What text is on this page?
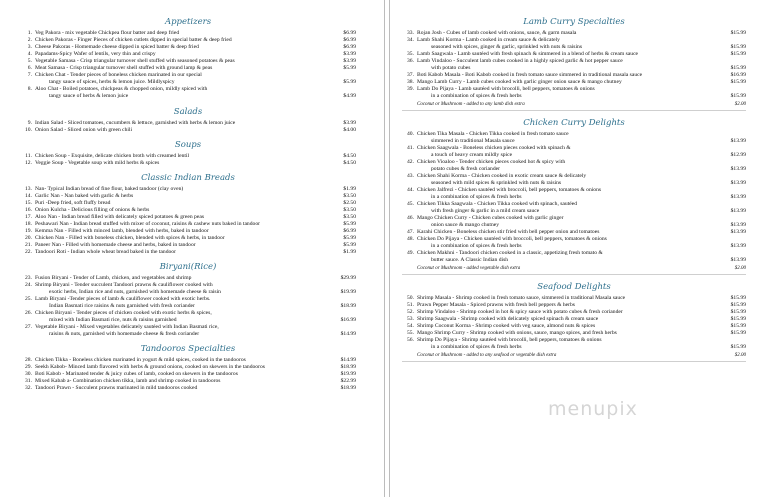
Appetizers
1. Veg Pakora - mix vegetable Chickpea flour batter and deep fried	$6.99
2. Chicken Pakoras - Finger Pieces of chicken cutlets dipped in special batter & deep fried	$6.99
3. Cheese Pakoras - Homemade cheese dipped in spiced batter & deep fried	$6.99
4. Papadams-Spicy Wafer of lentils, very thin and crispy	$3.99
5. Vegetable Samasa - Crisp triangular turnover shell stuffed with seasoned potatoes & peas	$3.99
6. Meat Samasa - Crisp triangular turnover shell stuffed with ground lamp & peas	$5.99
7. Chicken Chat - Tender pieces of boneless chicken marinated in our special
tangy sauce of spices, herbs & lemon juice. Mildlyspicy	$5.99
8. Aloo Chat - Boiled potatoes, chickpeas & chopped onion, mildly spiced with
tangy sauce of herbs & lemon juice	$4.99
Salads
9. Indian Salad - Sliced tomatoes, cucumbers & lettuce, garnished with herbs & lemon juice	$3.99
10. Onion Salad - Sliced onion with green chili	$4.00
Soups
11. Chicken Soup - Exquisite, delicate chicken broth with creamed lentil	$4.50
12. Veggie Soup - Vegetable soup with mild herbs & spices	$4.50
Classic Indian Breads
13. Nan- Typical Indian bread of fine flour, baked tandoor (clay oven)	$1.99
14. Garlic Nan - Nan baked with garlic & herbs	$3.50
15. Puri -Deep fried, soft fluffy bread	$2.50
16. Onion Kulcha - Delicious filling of onions & herbs	$3.50
17. Aloo Nan - Indian bread filled with delicately spiced potatoes & green peas	$3.50
18. Peshawari Nan - Indian bread stuffed with mixer of coconut, raisins & cashew nuts baked in tandoor	$5.99
19. Kemma Nan - Filled with minced lamb, blended with herbs, baked in tandoor	$6.99
20. Chicken Nan - Filled with boneless chicken, blended with spices & herbs, in tandoor	$5.99
21. Paneer Nan - Filled with homemade cheese and herbs, baked in tandoor	$5.99
22. Tandoori Roti - Indian whole wheat bread baked in the tandoor	$1.99
Biryani(Rice)
23. Fusion Biryani - Tender of Lamb, chicken, and vegetables and shrimp	$29.99
24. Shrimp Biryani - Tender succulent Tandoori prawns & cauliflower cooked with
exotic herbs, Indian rice and nuts, garnished with homemade cheese & raisin	$19.99
25. Lamb Biryani -Tender pieces of lamb & cauliflower cooked with exotic herbs.
Indian Basmati rice raisins & nuts garnished with fresh coriander	$18.99
26. Chicken Biryani - Tender pieces of chicken cooked with exotic herbs & spices,
mixed with Indian Basmati rice, nuts & raisins garnished	$16.99
27. Vegetable Biryani - Mixed vegetables delicately sautéed with Indian Basmati rice,
raisins & nuts, garnished with homemade cheese & fresh coriander	$14.99
Tandooros Specialties
28. Chicken Tikka - Boneless chicken marinated in yogurt & mild spices, cooked in the tandooros	$14.99
29. Seekh Kabob- Minced lamb flavored with herbs & ground onions, cooked on skewers in the tandooros	$18.99
30. Boti Kabob - Marinated tender & juicy cubes of lamb, cooked on skewers in the tandooros	$19.99
31. Mixed Kabab a- Combination chicken tikka, lamb and shrimp cooked in tandooros	$22.99
32. Tandoori Prawn - Succulent prawns marinated in mild tandooros cooked	$18.99
Lamb Curry Specialties
33. Rojan Josh - Cubes of lamb cooked with onions, sauce, & garm masala	$15.99
34. Lamb Shahi Korma - Lamb cooked in cream sauce & delicately
seasoned with spices, ginger & garlic, sprinkled with nuts & raisins	$15.99
35. Lamb Saagwala - Lamb sautéed with fresh spinach & simmered in a blend of herbs & cream sauce	$15.99
36. Lamb Vindaloo - Succulent lamb cubes cooked in a highly spiced garlic & hot pepper sauce
with potato cubes	$15.99
37. Boti Kabob Masala - Boti Kabob cooked in fresh tomato sauce simmered in traditional masala sauce	$16.99
38. Mango Lamb Curry - Lamb cubes cooked with garlic ginger onion sauce & mango chutney	$15.99
39. Lamb Do Pijaya - Lamb sautéed with brocolli, bell peppers, tomatoes & onions
in a combination of spices & fresh herbs	$15.99
Coconut or Mushroom - added to any lamb dish extra	$2.00
Chicken Curry Delights
40. Chicken Tika Masala - Chicken Tikka cooked in fresh tomato sauce
simmered in traditional Masala sauce	$13.99
41. Chicken Saagwala - Boneless chicken pieces cooked with spinach &
a touch of heavy cream mildly spice	$12.99
42. Chicken Vioaloo - Tender chicken pieces cooked hot & spicy with
potato cubes & fresh coriander	$13.99
43. Chicken Shahi Korma - Chicken cooked in exotic cream sauce & delicately
seasoned with mild spices & sprinkled with nuts & raisins	$13.99
44. Chicken Jalfrezi - Chicken sautéed with broccoli, bell peppers, tomatoes & onions
in a combination of spices & fresh herbs	$13.99
45. Chicken Tikka Saagwala - Chicken Tikka cooked with spinach, sautéed
with fresh ginger & garlic in a mild cream sauce	$13.99
46. Mango Chicken Curry - Chicken cubes cooked with garlic ginger
onion sauce & mango chutney	$13.99
47. Karahi Chicken - Boneless chicken stir fried with bell pepper onion and tomatoes	$13.99
48. Chicken Do Pijaya - Chicken sautéed with broccoli, bell peppers, tomatoes & onions
in a combination of spices & fresh herbs	$13.99
49. Chicken Makhni - Tandoori chicken cooked in a classic, appetizing fresh tomato &
butter sauce. A Classic Indian dish	$13.99
Coconut or Mushroom - added vegetable dish extra	$2.00
Seafood Delights
50. Shrimp Masala - Shrimp cooked in fresh tomato sauce, simmered in traditional Masala sauce	$15.99
51. Prawn Pepper Masala - Spiced prawns with fresh bell peppers & herbs	$15.99
52. Shrimp Vindaloo - Shrimp cooked in hot & spicy sauce with potato cubes & fresh coriander	$15.99
53. Shrimp Saagwala - Shrimp cooked with delicately spiced spinach & cream sauce	$15.99
54. Shrimp Coconut Korma - Shrimp cooked with veg sauce, almond nuts & spices	$15.99
55. Mango Shrimp Curry - Shrimp cooked with onions, sauce, mango spices, and fresh herbs	$15.99
56. Shrimp Do Pijaya - Shrimp sautéed with brocolli, bell peppers, tomatoes & onions
in a combination of spices & fresh herbs	$15.99
Coconut or Mushroom - added to any seafood or vegetable dish extra	$2.00
menupix
